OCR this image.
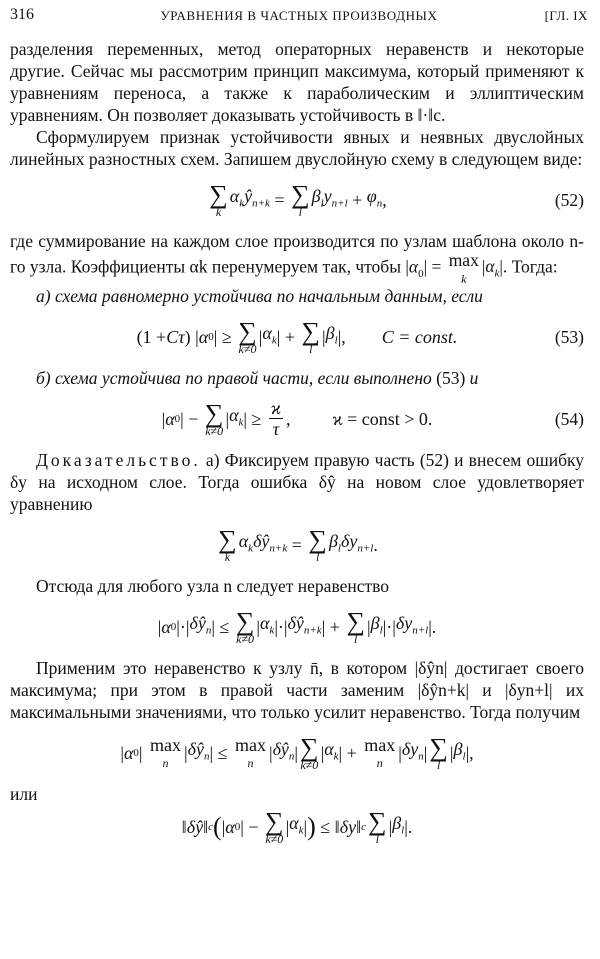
316	УРАВНЕНИЯ В ЧАСТНЫХ ПРОИЗВОДНЫХ	[ГЛ. IX

разделения переменных, метод операторных неравенств и некоторые другие. Сейчас мы рассмотрим принцип максимума, который применяют к уравнениям переноса, а также к параболическим и эллиптическим уравнениям. Он позволяет доказывать устойчивость в ‖·‖c.

Сформулируем признак устойчивости явных и неявных двуслойных линейных разностных схем. Запишем двуслойную схему в следующем виде:

∑
k
$\alpha_kŷ_{n+k}$ = ∑
l
$\beta_ly_{n+l} + \varphi_n$ ,	(52)

где суммирование на каждом слое производится по узлам шаблона около n-го узла. Коэффициенты αk перенумеруем так, чтобы $|\alpha_0| = \max$
k
$|\alpha_k|$. Тогда:

а) схема равномерно устойчива по начальным данным, если

(1 + Cτ ) | α 0 | ≥ ∑
k≠0
| $\alpha_k$ | + ∑
l
| $\beta_l$ |, C = const.	(53)

б) схема устойчива по правой части, если выполнено (53) и

| α 0 | − ∑
k≠0
| $\alpha_k$ | ≥ $\frac{ϰ}{\tau}$ , ϰ = const > 0.	(54)

Доказательство. а) Фиксируем правую часть (52) и внесем ошибку δy на исходном слое. Тогда ошибка δŷ на новом слое удовлетворяет уравнению

∑
k
$\alpha_k\delta ŷ_{n+k}$ = ∑
l
$\beta_l\delta y_{n+l}$ .

Отсюда для любого узла n следует неравенство

| α 0 |·| $\delta ŷ_n$ | ≤ ∑
k≠0
| $\alpha_k$ |·| $\delta ŷ_{n+k}$ | + ∑
l
| $\beta_l$ |·| $\delta y_{n+l}$ |.

Применим это неравенство к узлу n̄, в котором |δŷn| достигает своего максимума; при этом в правой части заменим |δŷn+k| и |δyn+l| их максимальными значениями, что только усилит неравенство. Тогда получим

| α 0 | max
n
| $\delta ŷ_n$ | ≤ max
n
| $\delta ŷ_n$ | ∑
k≠0
| $\alpha_k$ | + max
n
| $\delta y_n$ | ∑
l
| $\beta_l$ |,

или

‖ δŷ ‖ c ( | α 0 | − ∑
k≠0
| $\alpha_k$ | ) ≤ ‖ δy ‖ c ∑
l
| $\beta_l$ |.
